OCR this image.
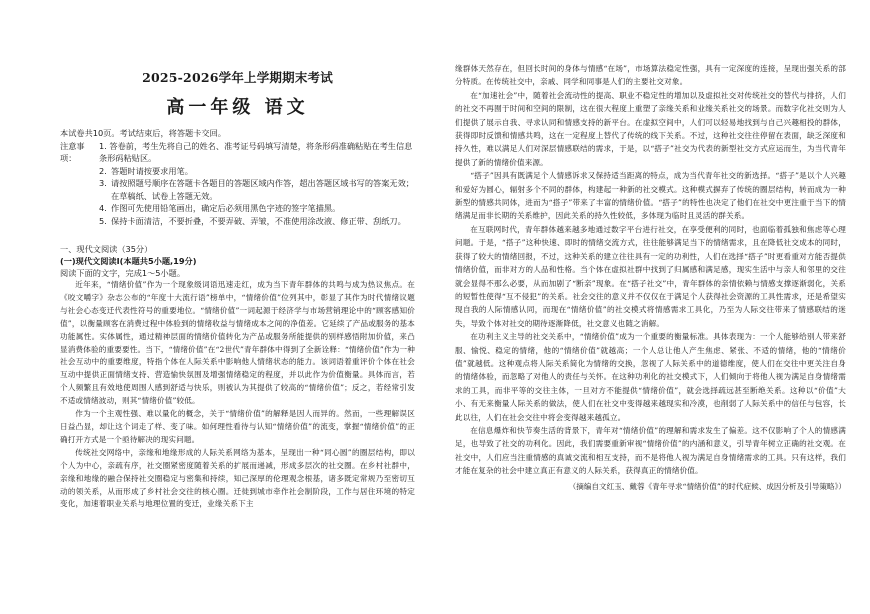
2025-2026学年上学期期末考试
高一年级 语文
本试卷共10页。考试结束后，将答题卡交回。
注意事项：
1. 答卷前，考生先将自己的姓名、准考证号码填写清楚，将条形码准确粘贴在考生信息条形码粘贴区。
2. 答题时请按要求用笔。
3. 请按照题号顺序在答题卡各题目的答题区域内作答，超出答题区域书写的答案无效；在草稿纸、试卷上答题无效。
4. 作图可先使用铅笔画出，确定后必须用黑色字迹的签字笔描黑。
5. 保持卡面清洁，不要折叠，不要弄破、弄皱，不准使用涂改液、修正带、刮纸刀。
一、现代文阅读（35分）
(一)现代文阅读Ⅰ(本题共5小题,19分)
阅读下面的文字，完成1～5小题。

近年来，“情绪价值”作为一个现象级词语迅速走红，成为当下青年群体的共鸣与成为热议焦点。在《咬文嚼字》杂志公布的“年度十大流行语”榜单中，“情绪价值”位列其中，彰显了其作为时代情绪议题与社会心态变迁代表性符号的重要地位。“情绪价值”一词起源于经济学与市场营销理论中的“顾客感知价值”，以衡量顾客在消费过程中体验到的情绪收益与情绪成本之间的净值差。它延续了产品或服务的基本功能属性。实体属性，通过精神层面的情绪价值转化为产品或服务所能提供的别样感悟附加价值，来凸显消费体验的重要要性。当下，“情绪价值”在“2世代”青年群体中得到了全新诠释：“情绪价值”作为一种社会互动中的重要维度，特指个体在人际关系中影响他人情绪状态的能力。该词语着重评价个体在社会互动中提供正面情绪支持、营造愉快氛围及增强情绪稳定的程度，并以此作为价值衡量。具体而言，若个人频繁且有效地使周围人感到舒适与快乐，则被认为其提供了较高的“情绪价值”；反之，若经常引发不适或情绪波动，则其“情绪价值”较低。

作为一个主观性强、难以量化的概念，关于“情绪价值”的解释是因人而异的。然而，一些理解误区日益凸显，却让这个词走了样、变了味。如何理性看待与认知“情绪价值”的流变，掌握“情绪价值”的正确打开方式是一个亟待解决的现实问题。

传统社交网络中，亲缘和地缘形成的人际关系网络为基本，呈现出一种“同心圆”的圈层结构，即以个人为中心，亲疏有序，社交圈紧密度随着关系的扩展而递减，形成多层次的社交圈。在乡村社群中，亲缘和地缘的融合保持社交圈稳定与密集和持续，知己深厚的伦理观念根基，诸多既定常规乃至密切互动的领关系，从而形成了乡村社会交往的核心圈。迁徙到城市牵作社会制阶段，工作与居住环境的特定变化，加速着职业关系与地理位置的变迁，业缘关系下主

缘群体天然存在，但回长时间的身体与情感“在场”，市场算法稳定性强，具有一定深度的连接，呈现出强关系的部分特质。在传统社交中，亲戚、同学和同事是人们的主要社交对象。

在“加速社会”中，随着社会流动性的提高、职业不稳定性的增加以及虚拟社交对传统社交的替代与排挤，人们的社交不再囿于时间和空间的限制，这在很大程度上重塑了亲缘关系和业缘关系社交的场景。而数字化社交则为人们提供了展示自我、寻求认同和情感支持的新平台。在虚拟空间中，人们可以轻易地找到与自己兴趣相投的群体，获得即时反馈和情感共鸣，这在一定程度上替代了传统的线下关系。不过，这种社交往往停留在表面，缺乏深度和持久性，难以满足人们对深层情感联结的需求，于是，以“搭子”社交为代表的新型社交方式应运而生，为当代青年提供了新的情绪价值来源。

“搭子”因具有既满足个人情感诉求又保持适当距离的特点，成为当代青年社交的新选择。“搭子”是以个人兴趣和爱好为圆心，辐射多个不同的群体，构建起一种新的社交模式。这种模式摒弃了传统的圈层结构，转而成为一种新型的情感共同体，进而为“搭子”带来了丰富的情绪价值。“搭子”的特性也决定了他们在社交中更注重于当下的情绪满足而非长期的关系维护，因此关系的持久性较低，多体现为临时且灵活的群关系。

在互联网时代，青年群体越来越多地通过数字平台进行社交，在享受便利的同时，也面临着孤独和焦虑等心理问题。于是，“搭子”这种快速、即时的情绪交流方式，往往能够满足当下的情绪需求，且在降低社交成本的同时，获得了较大的情绪回报，不过，这种关系的建立往往具有一定的功利性，人们在选择“搭子”时更看重对方能否提供情绪价值，而非对方的人品和性格。当个体在虚拟社群中找到了归属感和满足感，现实生活中与亲人和邻里的交往就会显得不那么必要，从而加剧了“断亲”现象。在“搭子社交”中，青年群体的亲情依赖与情感支撑逐渐弱化，关系的短暂性使得“互不侵犯”的关系。社会交往的意义并不仅仅在于满足个人获得社会资源的工具性需求，还是希望实现自我的人际情感认同，而现在“情绪价值”的社交模式将情感需求工具化，乃至为人际交往带来了情感联结的迷失，导致个体对社交的期待逐渐降低，社交意义也随之消解。

在功利主义主导的社交关系中，“情绪价值”成为一个重要的衡量标准。具体表现为：一个人能够给别人带来舒服、愉悦、稳定的情绪，他的“情绪价值”就越高；一个人总让他人产生焦虑、紧张、不适的情绪，他的“情绪价值”就越低。这种观点将人际关系简化为情绪的交换，忽视了人际关系中的道德维度，使人们在交往中更关注自身的情绪体验，而忽略了对他人的责任与关怀。在这种功利化的社交模式下，人们倾向于将他人视为满足自身情绪需求的工具，而非平等的交往主体，一旦对方不能提供“情绪价值”，就会选择疏远甚至断绝关系。这种以“价值”大小、有无来衡量人际关系的做法，使人们在社交中变得越来越现实和冷漠，也削弱了人际关系中的信任与包容，长此以往，人们在社会交往中将会变得越来越孤立。

在信息爆炸和快节奏生活的背景下，青年对“情绪价值”的理解和需求发生了偏差。这不仅影响了个人的情感满足，也导致了社交的功利化。因此，我们需要重新审视“情绪价值”的内涵和意义，引导青年树立正确的社交观。在社交中，人们应当注重情感的真诚交流和相互支持，而不是将他人视为满足自身情绪需求的工具。只有这样，我们才能在复杂的社会中建立真正有意义的人际关系，获得真正的情绪价值。

（摘编自文红玉、戴蓉《青年寻求“情绪价值”的时代症候、成因分析及引导策略》）
